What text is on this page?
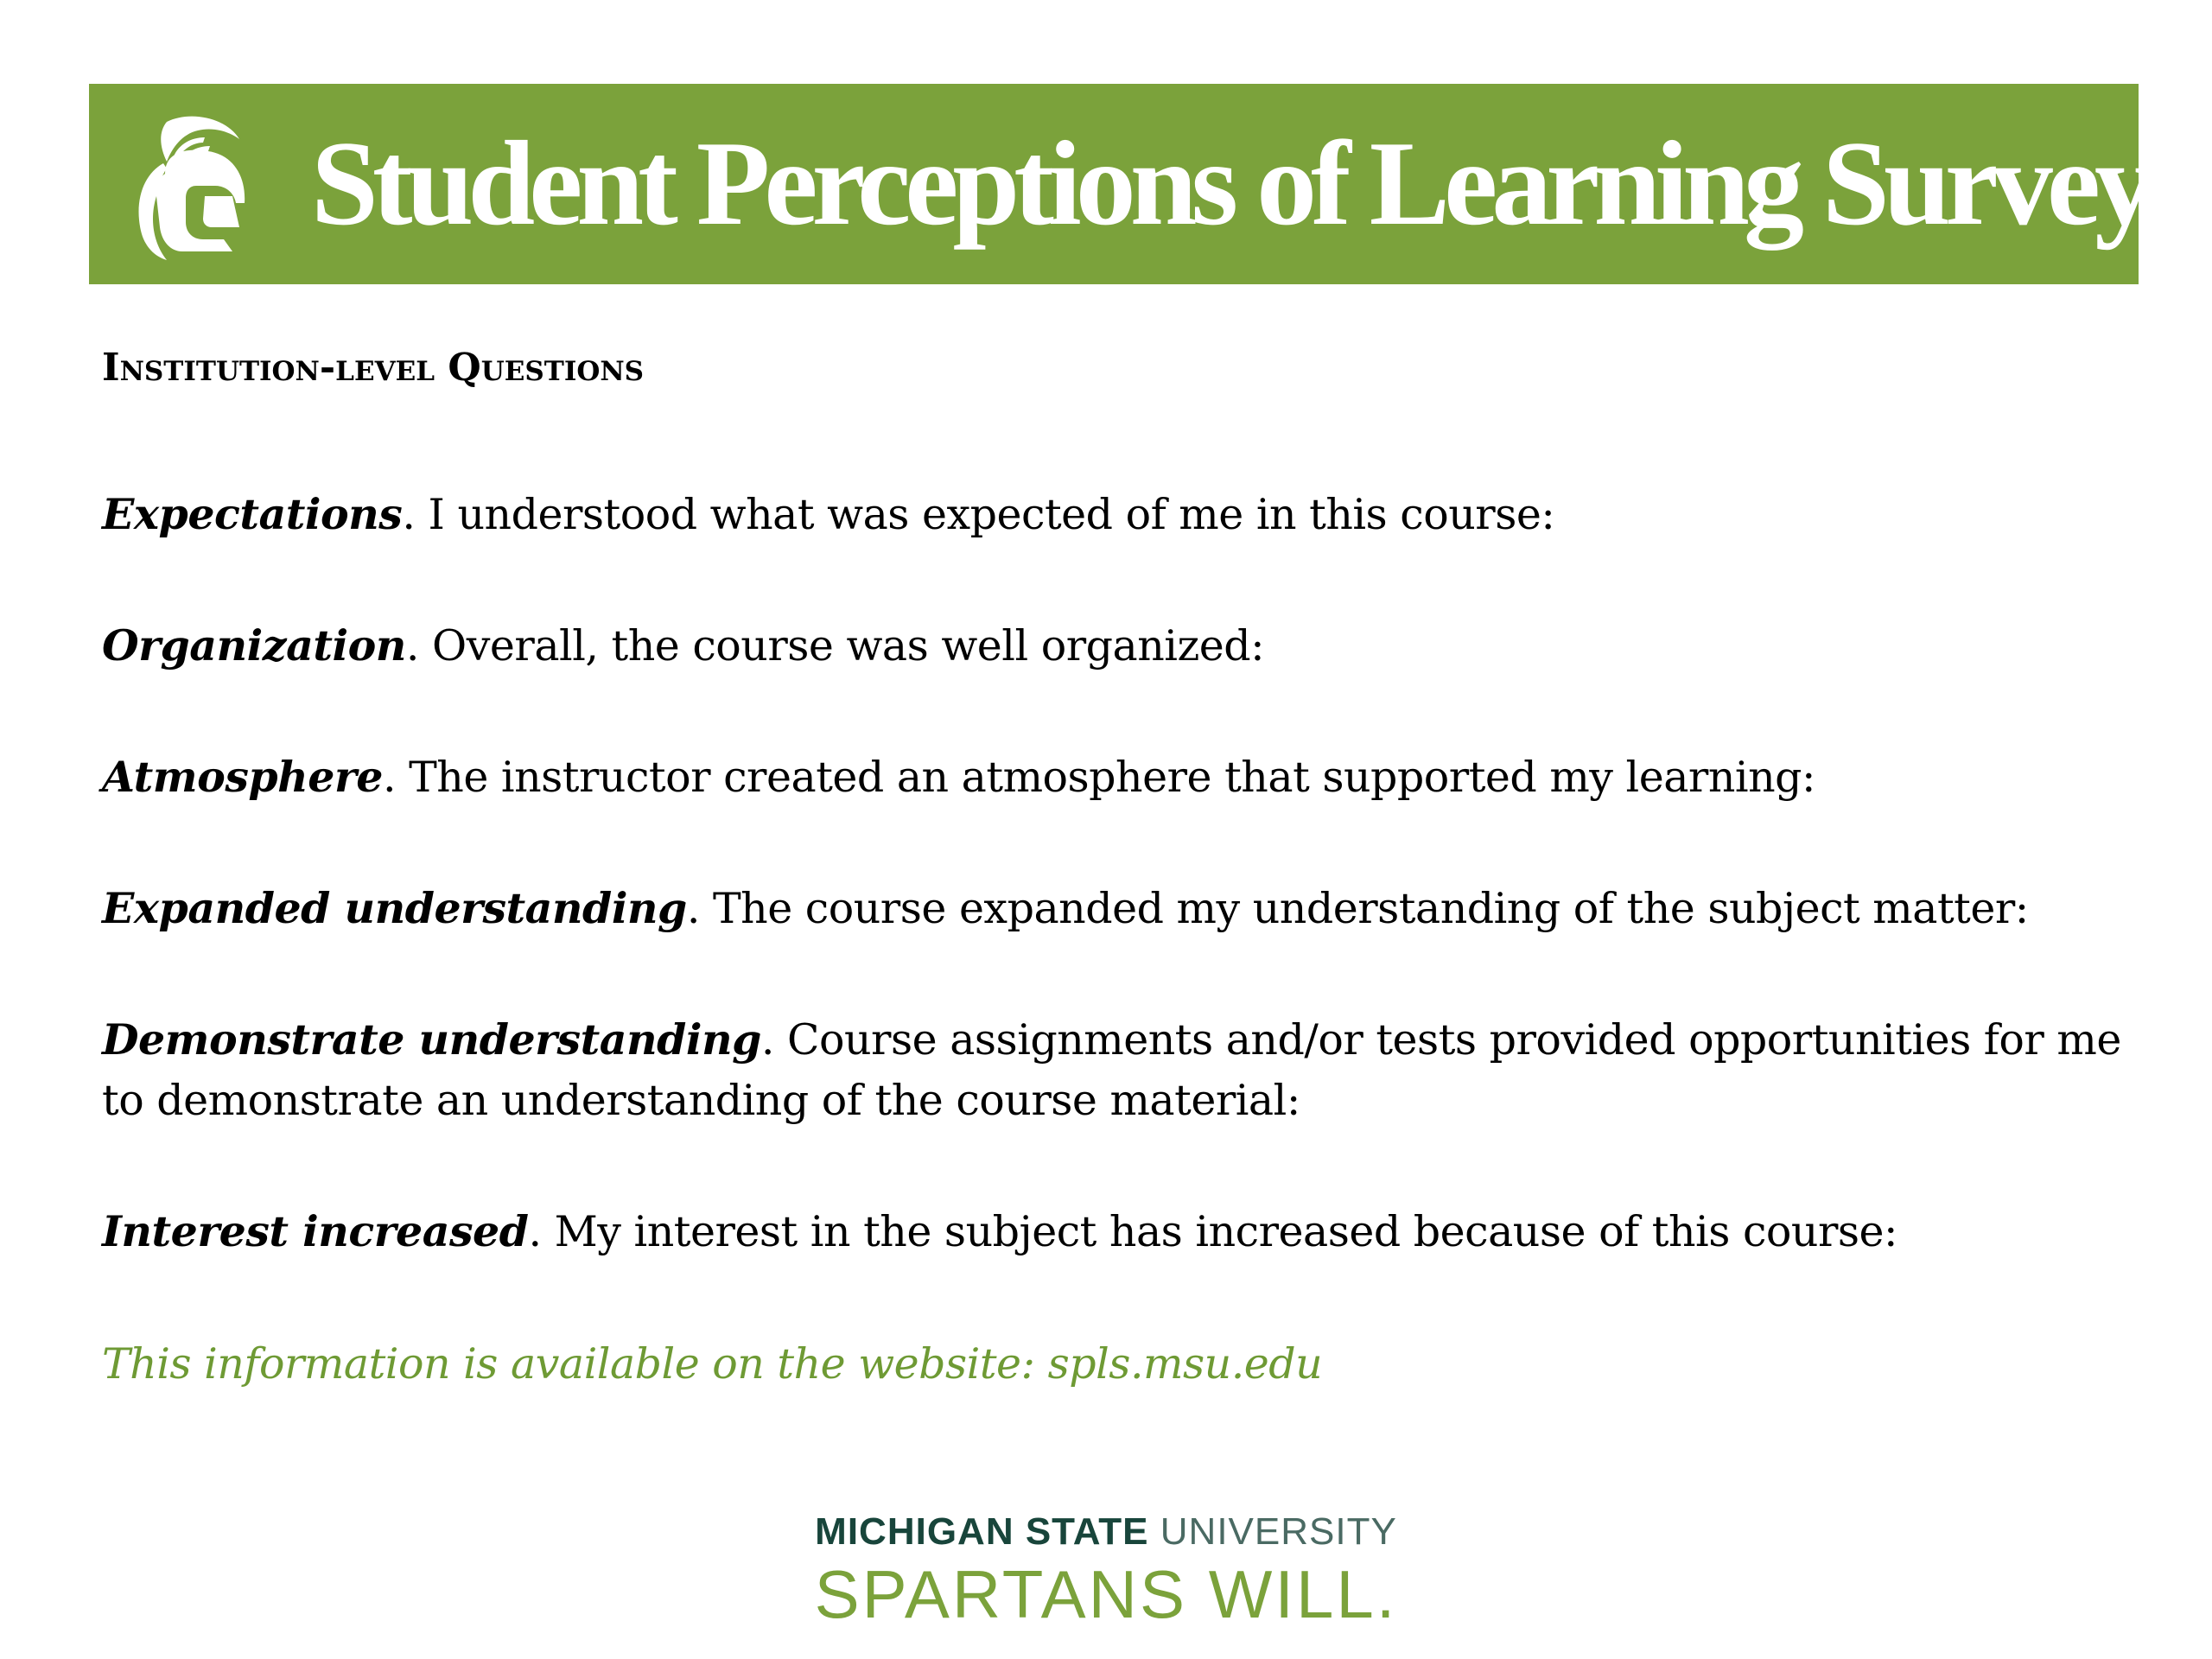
Student Perceptions of Learning Survey
Institution-level Questions
Expectations. I understood what was expected of me in this course:
Organization. Overall, the course was well organized:
Atmosphere. The instructor created an atmosphere that supported my learning:
Expanded understanding. The course expanded my understanding of the subject matter:
Demonstrate understanding. Course assignments and/or tests provided opportunities for me to demonstrate an understanding of the course material:
Interest increased. My interest in the subject has increased because of this course:
This information is available on the website: spls.msu.edu
MICHIGAN STATE UNIVERSITY
SPARTANS WILL.
